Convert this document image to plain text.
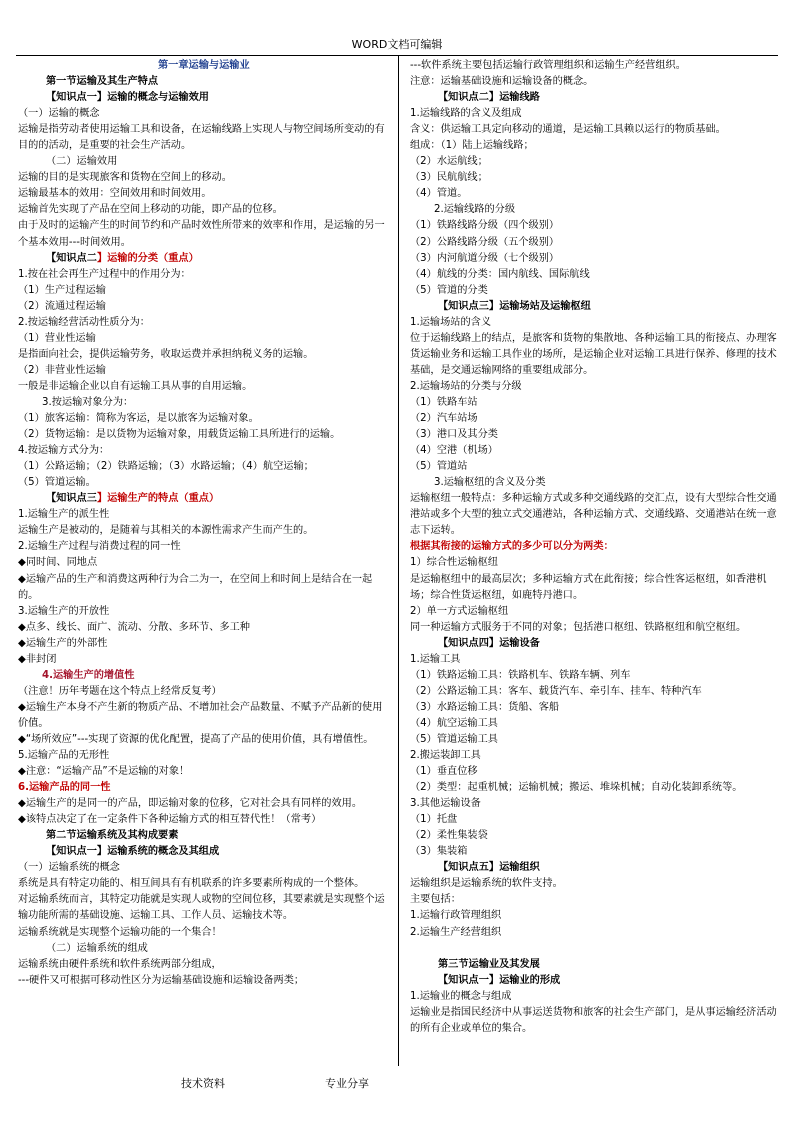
WORD文档可编辑
第一章运输与运输业
第一节运输及其生产特点
【知识点一】运输的概念与运输效用
（一）运输的概念
运输是指劳动者使用运输工具和设备，在运输线路上实现人与物空间场所变动的有目的的活动，是重要的社会生产活动。
（二）运输效用
运输的目的是实现旅客和货物在空间上的移动。
运输最基本的效用：空间效用和时间效用。
运输首先实现了产品在空间上移动的功能，即产品的位移。
由于及时的运输产生的时间节约和产品时效性所带来的效率和作用，是运输的另一个基本效用---时间效用。
【知识点二】运输的分类（重点）
1.按在社会再生产过程中的作用分为：
（1）生产过程运输
（2）流通过程运输
2.按运输经营活动性质分为：
（1）营业性运输
是指面向社会，提供运输劳务，收取运费并承担纳税义务的运输。
（2）非营业性运输
一般是非运输企业以自有运输工具从事的自用运输。
3.按运输对象分为：
（1）旅客运输：简称为客运，是以旅客为运输对象。
（2）货物运输：是以货物为运输对象，用载货运输工具所进行的运输。
4.按运输方式分为：
（1）公路运输；（2）铁路运输；（3）水路运输；（4）航空运输；
（5）管道运输。
【知识点三】运输生产的特点（重点）
1.运输生产的派生性
运输生产是被动的，是随着与其相关的本源性需求产生而产生的。
2.运输生产过程与消费过程的同一性
◆同时间、同地点
◆运输产品的生产和消费这两种行为合二为一，在空间上和时间上是结合在一起的。
3.运输生产的开放性
◆点多、线长、面广、流动、分散、多环节、多工种
◆运输生产的外部性
◆非封闭
4.运输生产的增值性
（注意！历年考题在这个特点上经常反复考）
◆运输生产本身不产生新的物质产品、不增加社会产品数量、不赋予产品新的使用价值。
◆“场所效应”---实现了资源的优化配置，提高了产品的使用价值，具有增值性。
5.运输产品的无形性
◆注意：“运输产品”不是运输的对象！
6.运输产品的同一性
◆运输生产的是同一的产品，即运输对象的位移，它对社会具有同样的效用。
◆该特点决定了在一定条件下各种运输方式的相互替代性！（常考）
第二节运输系统及其构成要素
【知识点一】运输系统的概念及其组成
（一）运输系统的概念
系统是具有特定功能的、相互间具有有机联系的许多要素所构成的一个整体。
对运输系统而言，其特定功能就是实现人或物的空间位移，其要素就是实现整个运输功能所需的基础设施、运输工具、工作人员、运输技术等。
运输系统就是实现整个运输功能的一个集合！
（二）运输系统的组成
运输系统由硬件系统和软件系统两部分组成，
---硬件又可根据可移动性区分为运输基础设施和运输设备两类；
---软件系统主要包括运输行政管理组织和运输生产经营组织。
注意：运输基础设施和运输设备的概念。
【知识点二】运输线路
1.运输线路的含义及组成
含义：供运输工具定向移动的通道，是运输工具赖以运行的物质基础。
组成：（1）陆上运输线路；
（2）水运航线；
（3）民航航线；
（4）管道。
2.运输线路的分级
（1）铁路线路分级（四个级别）
（2）公路线路分级（五个级别）
（3）内河航道分级（七个级别）
（4）航线的分类：国内航线、国际航线
（5）管道的分类
【知识点三】运输场站及运输枢纽
1.运输场站的含义
位于运输线路上的结点，是旅客和货物的集散地、各种运输工具的衔接点、办理客货运输业务和运输工具作业的场所，是运输企业对运输工具进行保养、修理的技术基础，是交通运输网络的重要组成部分。
2.运输场站的分类与分级
（1）铁路车站
（2）汽车站场
（3）港口及其分类
（4）空港（机场）
（5）管道站
3.运输枢纽的含义及分类
运输枢纽一般特点：多种运输方式或多种交通线路的交汇点，设有大型综合性交通港站或多个大型的独立式交通港站，各种运输方式、交通线路、交通港站在统一意志下运转。
根据其衔接的运输方式的多少可以分为两类：
1）综合性运输枢纽
是运输枢纽中的最高层次；多种运输方式在此衔接；综合性客运枢纽，如香港机场；综合性货运枢纽，如鹿特丹港口。
2）单一方式运输枢纽
同一种运输方式服务于不同的对象；包括港口枢纽、铁路枢纽和航空枢纽。
【知识点四】运输设备
1.运输工具
（1）铁路运输工具：铁路机车、铁路车辆、列车
（2）公路运输工具：客车、载货汽车、牵引车、挂车、特种汽车
（3）水路运输工具：货船、客船
（4）航空运输工具
（5）管道运输工具
2.搬运装卸工具
（1）垂直位移
（2）类型：起重机械；运输机械；搬运、堆垛机械；自动化装卸系统等。
3.其他运输设备
（1）托盘
（2）柔性集装袋
（3）集装箱
【知识点五】运输组织
运输组织是运输系统的软件支持。
主要包括：
1.运输行政管理组织
2.运输生产经营组织

第三节运输业及其发展
【知识点一】运输业的形成
1.运输业的概念与组成
运输业是指国民经济中从事运送货物和旅客的社会生产部门，是从事运输经济活动的所有企业或单位的集合。
技术资料	专业分享
